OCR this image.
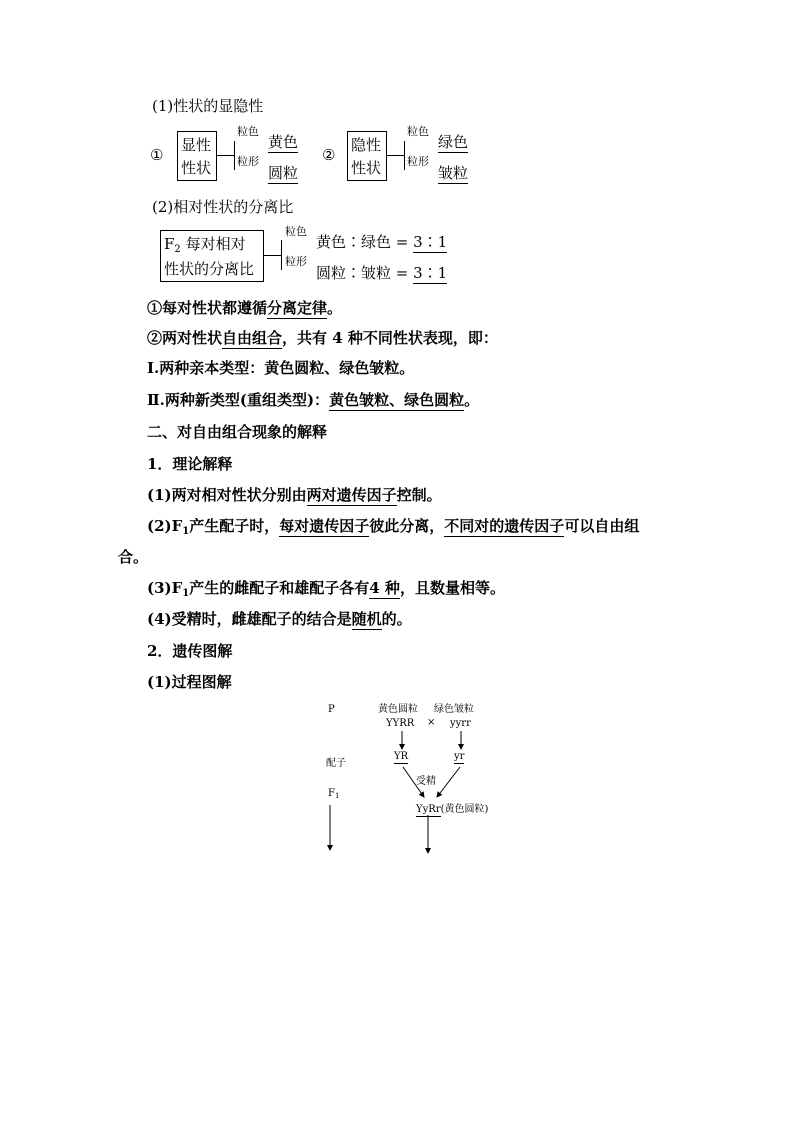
(1)性状的显隐性
①
显性
性状
粒色
粒形
黄色
圆粒
②
隐性
性状
粒色
粒形
绿色
皱粒
(2)相对性状的分离比
$F_2$ 每对相对
性状的分离比
粒色
粒形
黄色∶绿色 = 3∶1
圆粒∶皱粒 = 3∶1
①每对性状都遵循分离定律。
②两对性状自由组合，共有 4 种不同性状表现，即：
Ⅰ.两种亲本类型：黄色圆粒、绿色皱粒。
Ⅱ.两种新类型(重组类型)：黄色皱粒、绿色圆粒。
二、对自由组合现象的解释
1．理论解释
(1)两对相对性状分别由两对遗传因子控制。
$(2)F_1$产生配子时，每对遗传因子彼此分离，不同对的遗传因子可以自由组
合。
$(3)F_1$产生的雌配子和雄配子各有4 种，且数量相等。
(4)受精时，雌雄配子的结合是随机的。
2．遗传图解
(1)过程图解
P
配子
$F_1$
黄色圆粒 绿色皱粒
YYRR × yyrr
YR	yr
受精
YyRr(黄色圆粒)
